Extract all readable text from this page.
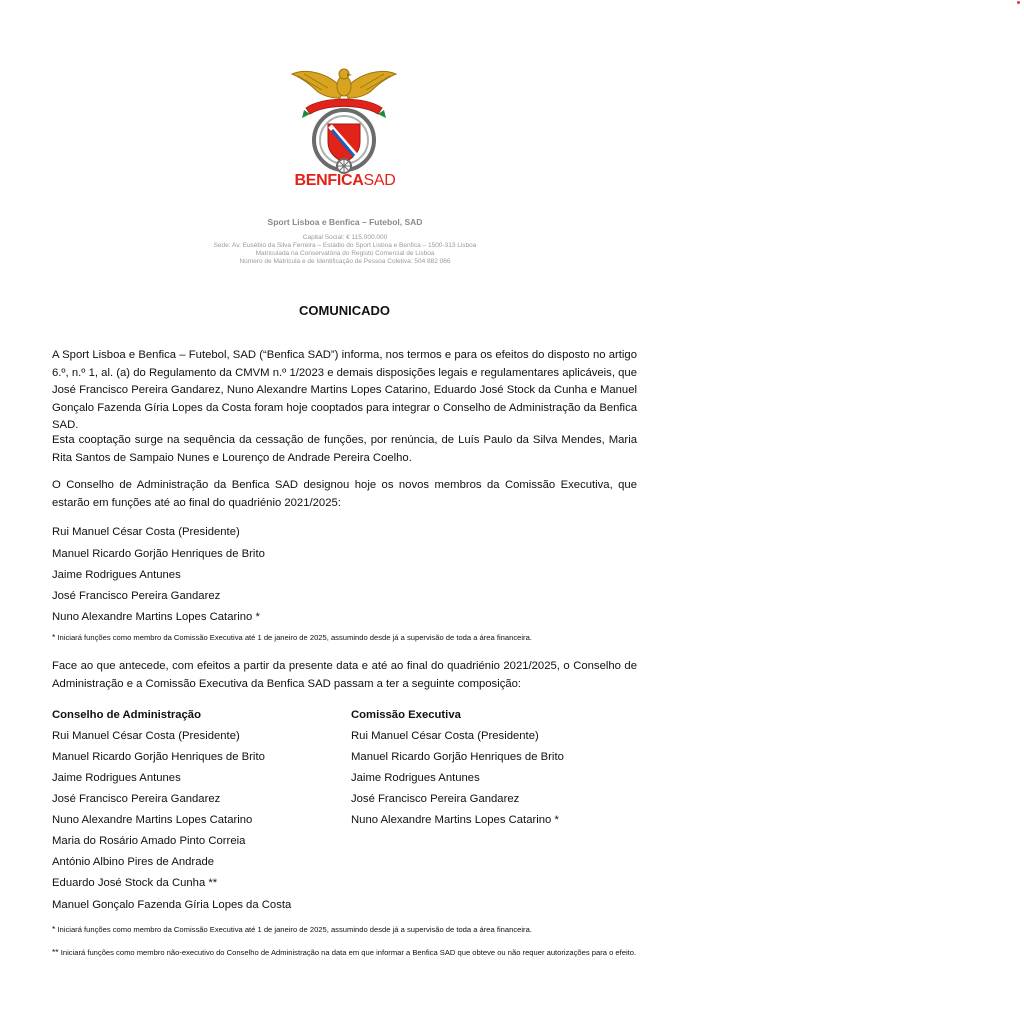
BENFICASAD
Sport Lisboa e Benfica – Futebol, SAD
Capital Social: € 115.000.000
Sede: Av. Eusébio da Silva Ferreira – Estádio do Sport Lisboa e Benfica – 1500-313 Lisboa
Matriculada na Conservatória do Registo Comercial de Lisboa
Número de Matrícula e de Identificação de Pessoa Coletiva: 504 882 066
COMUNICADO
A Sport Lisboa e Benfica – Futebol, SAD (“Benfica SAD”) informa, nos termos e para os efeitos do disposto no artigo 6.º, n.º 1, al. (a) do Regulamento da CMVM n.º 1/2023 e demais disposições legais e regulamentares aplicáveis, que José Francisco Pereira Gandarez, Nuno Alexandre Martins Lopes Catarino, Eduardo José Stock da Cunha e Manuel Gonçalo Fazenda Gíria Lopes da Costa foram hoje cooptados para integrar o Conselho de Administração da Benfica SAD.
Esta cooptação surge na sequência da cessação de funções, por renúncia, de Luís Paulo da Silva Mendes, Maria Rita Santos de Sampaio Nunes e Lourenço de Andrade Pereira Coelho.
O Conselho de Administração da Benfica SAD designou hoje os novos membros da Comissão Executiva, que estarão em funções até ao final do quadriénio 2021/2025:
Rui Manuel César Costa (Presidente)
Manuel Ricardo Gorjão Henriques de Brito
Jaime Rodrigues Antunes
José Francisco Pereira Gandarez
Nuno Alexandre Martins Lopes Catarino *
* Iniciará funções como membro da Comissão Executiva até 1 de janeiro de 2025, assumindo desde já a supervisão de toda a área financeira.
Face ao que antecede, com efeitos a partir da presente data e até ao final do quadriénio 2021/2025, o Conselho de Administração e a Comissão Executiva da Benfica SAD passam a ter a seguinte composição:
Conselho de Administração
Rui Manuel César Costa (Presidente)
Manuel Ricardo Gorjão Henriques de Brito
Jaime Rodrigues Antunes
José Francisco Pereira Gandarez
Nuno Alexandre Martins Lopes Catarino
Maria do Rosário Amado Pinto Correia
António Albino Pires de Andrade
Eduardo José Stock da Cunha **
Manuel Gonçalo Fazenda Gíria Lopes da Costa
Comissão Executiva
Rui Manuel César Costa (Presidente)
Manuel Ricardo Gorjão Henriques de Brito
Jaime Rodrigues Antunes
José Francisco Pereira Gandarez
Nuno Alexandre Martins Lopes Catarino *
* Iniciará funções como membro da Comissão Executiva até 1 de janeiro de 2025, assumindo desde já a supervisão de toda a área financeira.
** Iniciará funções como membro não-executivo do Conselho de Administração na data em que informar a Benfica SAD que obteve ou não requer autorizações para o efeito.
